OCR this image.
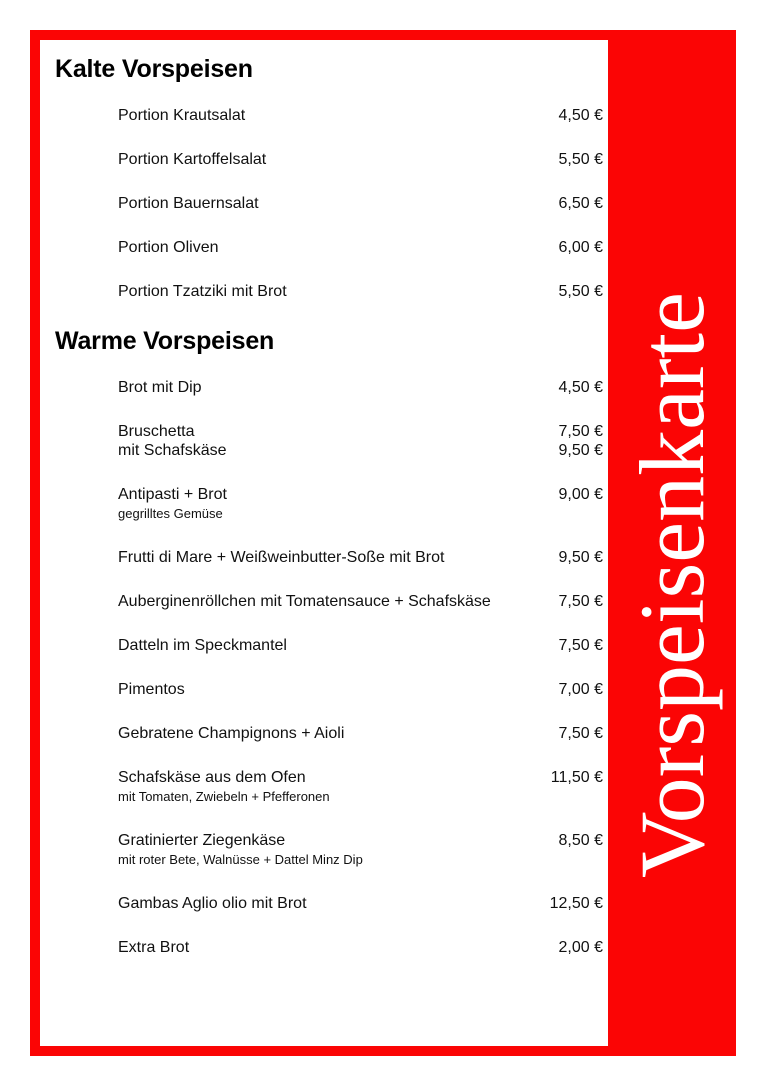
Kalte Vorspeisen
Portion Krautsalat	4,50 €
Portion Kartoffelsalat	5,50 €
Portion Bauernsalat	6,50 €
Portion Oliven	6,00 €
Portion Tzatziki mit Brot	5,50 €
Warme Vorspeisen
Brot mit Dip	4,50 €
Bruschetta	7,50 €
mit Schafskäse	9,50 €
Antipasti + Brot	9,00 €
gegrilltes Gemüse
Frutti di Mare + Weißweinbutter-Soße mit Brot	9,50 €
Auberginenröllchen mit Tomatensauce + Schafskäse	7,50 €
Datteln im Speckmantel	7,50 €
Pimentos	7,00 €
Gebratene Champignons + Aioli	7,50 €
Schafskäse aus dem Ofen	11,50 €
mit Tomaten, Zwiebeln + Pfefferonen
Gratinierter Ziegenkäse	8,50 €
mit roter Bete, Walnüsse + Dattel Minz Dip
Gambas Aglio olio mit Brot	12,50 €
Extra Brot	2,00 €
Vorspeisenkarte
